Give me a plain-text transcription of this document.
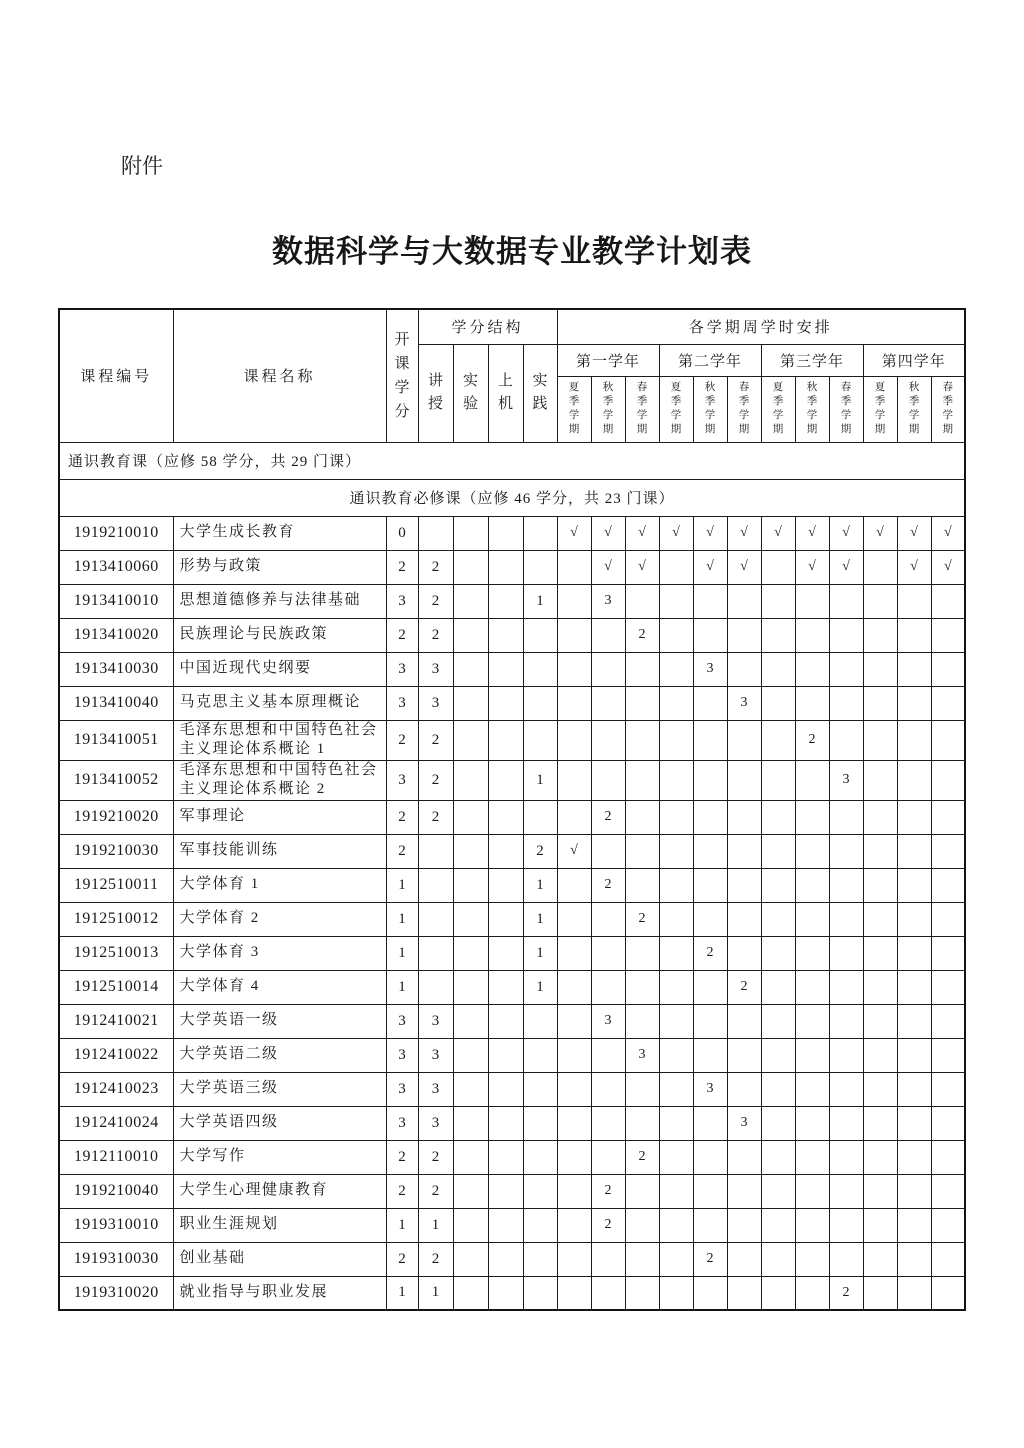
附件
数据科学与大数据专业教学计划表
课程编号	课程名称	开课学分	学分结构				各学期周学时安排											
			讲授	实验	上机	实践	第一学年			第二学年			第三学年			第四学年		
							夏季学期	秋季学期	春季学期	夏季学期	秋季学期	春季学期	夏季学期	秋季学期	春季学期	夏季学期	秋季学期	春季学期
通识教育课（应修 58 学分，共 29 门课）																		
通识教育必修课（应修 46 学分，共 23 门课）																		
1919210010	大学生成长教育	0					√	√	√	√	√	√	√	√	√	√	√	√
1913410060	形势与政策	2	2					√	√		√	√		√	√		√	√
1913410010	思想道德修养与法律基础	3	2			1		3										
1913410020	民族理论与民族政策	2	2						2									
1913410030	中国近现代史纲要	3	3								3							
1913410040	马克思主义基本原理概论	3	3									3						
1913410051	毛泽东思想和中国特色社会主义理论体系概论 1	2	2											2				
1913410052	毛泽东思想和中国特色社会主义理论体系概论 2	3	2			1									3			
1919210020	军事理论	2	2					2										
1919210030	军事技能训练	2				2	√											
1912510011	大学体育 1	1				1		2										
1912510012	大学体育 2	1				1			2									
1912510013	大学体育 3	1				1					2							
1912510014	大学体育 4	1				1						2						
1912410021	大学英语一级	3	3					3										
1912410022	大学英语二级	3	3						3									
1912410023	大学英语三级	3	3								3							
1912410024	大学英语四级	3	3									3						
1912110010	大学写作	2	2						2									
1919210040	大学生心理健康教育	2	2					2										
1919310010	职业生涯规划	1	1					2										
1919310030	创业基础	2	2								2							
1919310020	就业指导与职业发展	1	1												2			
